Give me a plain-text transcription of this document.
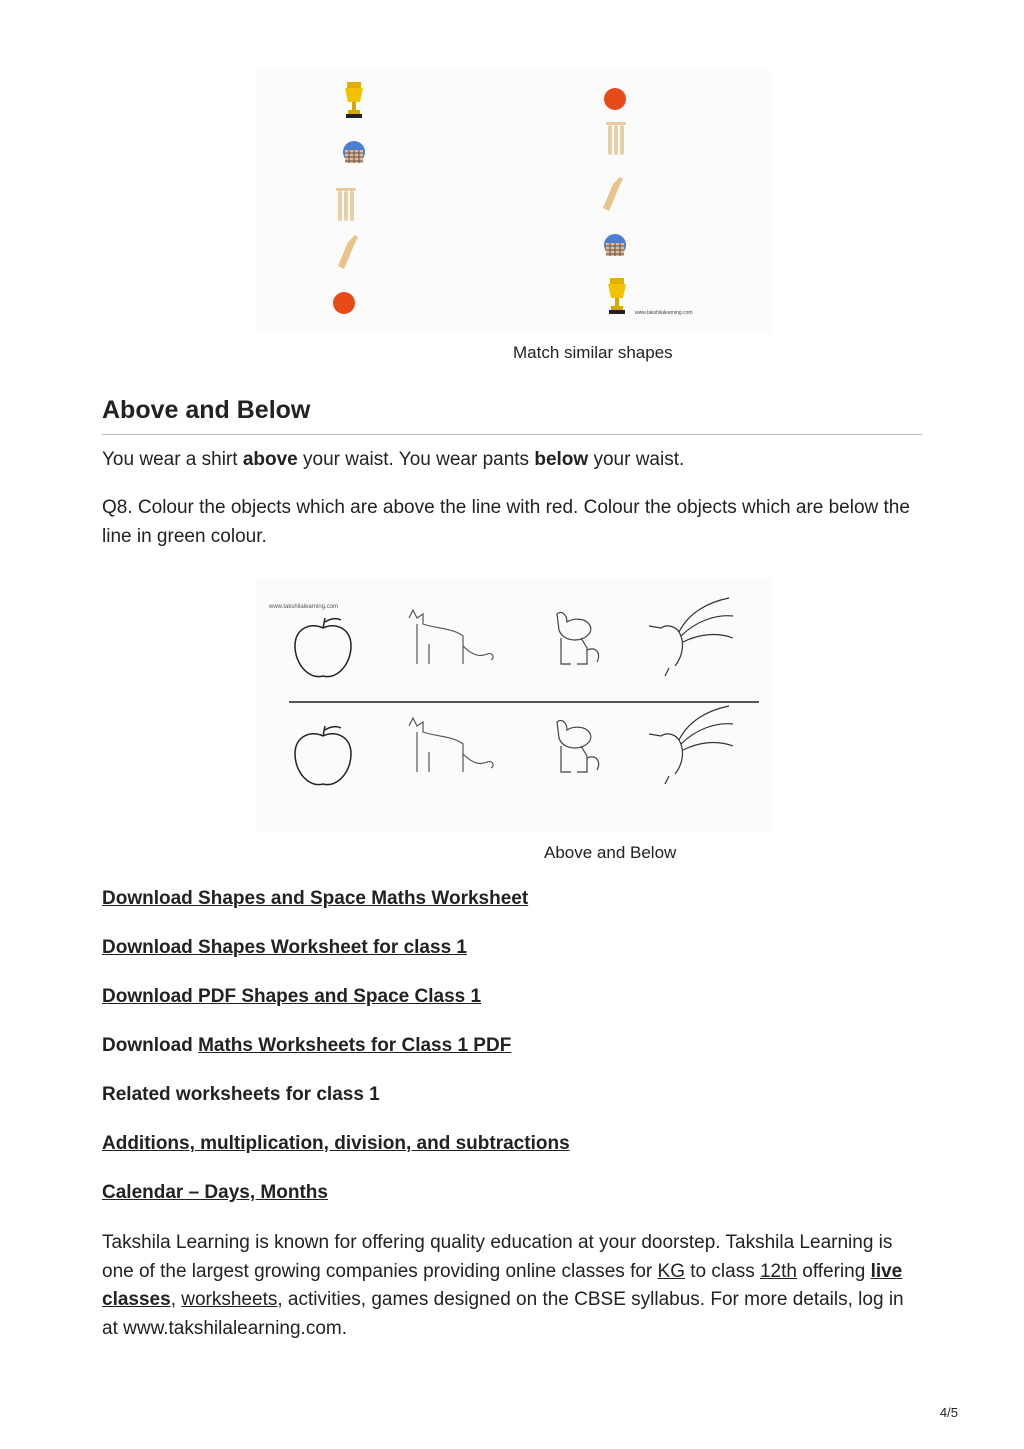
www.takshilalearning.com
Match similar shapes
Above and Below
You wear a shirt above your waist. You wear pants below your waist.
Q8. Colour the objects which are above the line with red. Colour the objects which are below the line in green colour.
www.takshilalearning.com
Above and Below
Download Shapes and Space Maths Worksheet
Download Shapes Worksheet for class 1
Download PDF Shapes and Space Class 1
Download Maths Worksheets for Class 1 PDF
Related worksheets for class 1
Additions, multiplication, division, and subtractions
Calendar – Days, Months
Takshila Learning is known for offering quality education at your doorstep. Takshila Learning is one of the largest growing companies providing online classes for KG to class 12th offering live classes, worksheets, activities, games designed on the CBSE syllabus. For more details, log in at www.takshilalearning.com.
4/5
